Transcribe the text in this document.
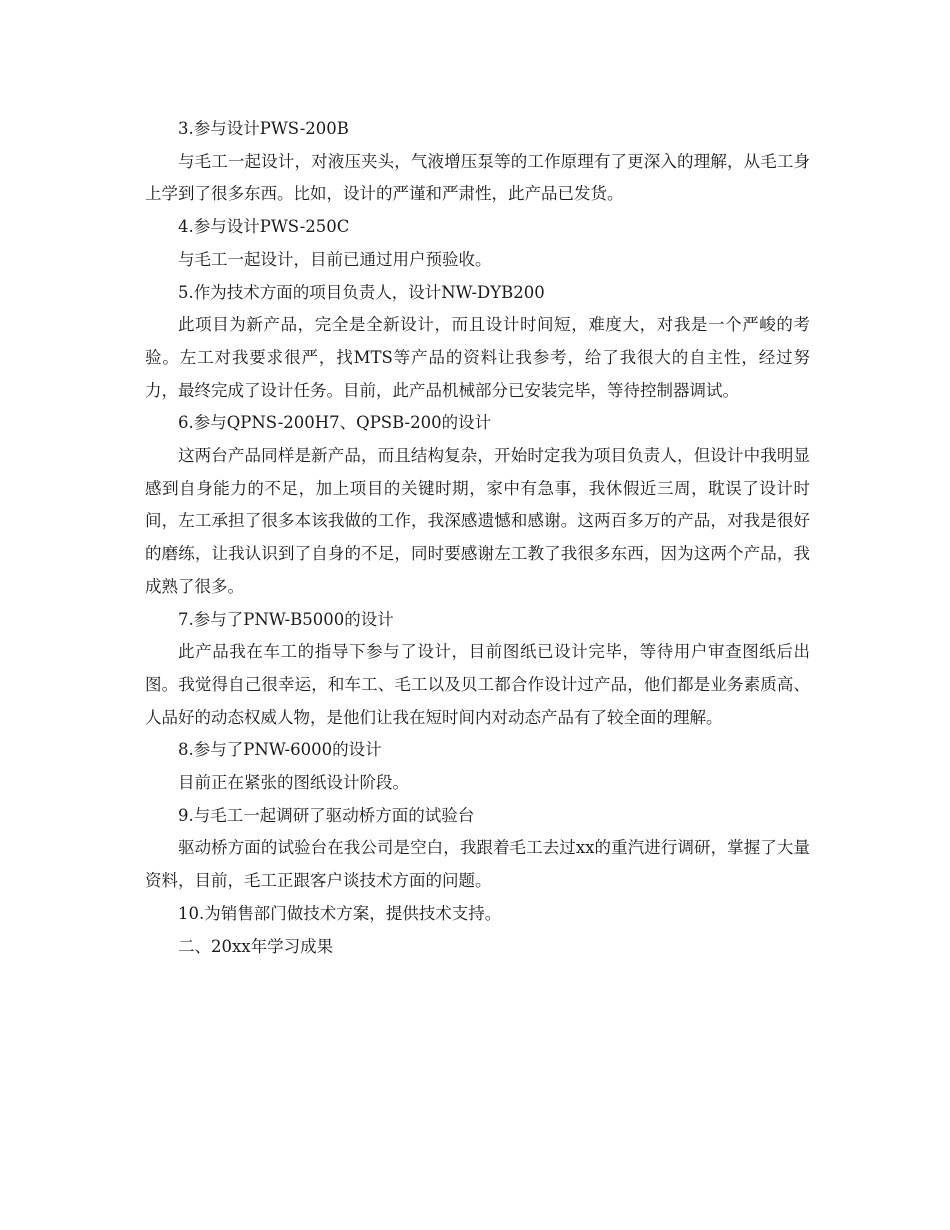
3.参与设计PWS-200B

与毛工一起设计，对液压夹头，气液增压泵等的工作原理有了更深入的理解，从毛工身上学到了很多东西。比如，设计的严谨和严肃性，此产品已发货。

4.参与设计PWS-250C

与毛工一起设计，目前已通过用户预验收。

5.作为技术方面的项目负责人，设计NW-DYB200

此项目为新产品，完全是全新设计，而且设计时间短，难度大，对我是一个严峻的考验。左工对我要求很严，找MTS等产品的资料让我参考，给了我很大的自主性，经过努力，最终完成了设计任务。目前，此产品机械部分已安装完毕，等待控制器调试。

6.参与QPNS-200H7、QPSB-200的设计

这两台产品同样是新产品，而且结构复杂，开始时定我为项目负责人，但设计中我明显感到自身能力的不足，加上项目的关键时期，家中有急事，我休假近三周，耽误了设计时间，左工承担了很多本该我做的工作，我深感遗憾和感谢。这两百多万的产品，对我是很好的磨练，让我认识到了自身的不足，同时要感谢左工教了我很多东西，因为这两个产品，我成熟了很多。

7.参与了PNW-B5000的设计

此产品我在车工的指导下参与了设计，目前图纸已设计完毕，等待用户审查图纸后出图。我觉得自己很幸运，和车工、毛工以及贝工都合作设计过产品，他们都是业务素质高、人品好的动态权威人物，是他们让我在短时间内对动态产品有了较全面的理解。

8.参与了PNW-6000的设计

目前正在紧张的图纸设计阶段。

9.与毛工一起调研了驱动桥方面的试验台

驱动桥方面的试验台在我公司是空白，我跟着毛工去过xx的重汽进行调研，掌握了大量资料，目前，毛工正跟客户谈技术方面的问题。

10.为销售部门做技术方案，提供技术支持。

二、20xx年学习成果
